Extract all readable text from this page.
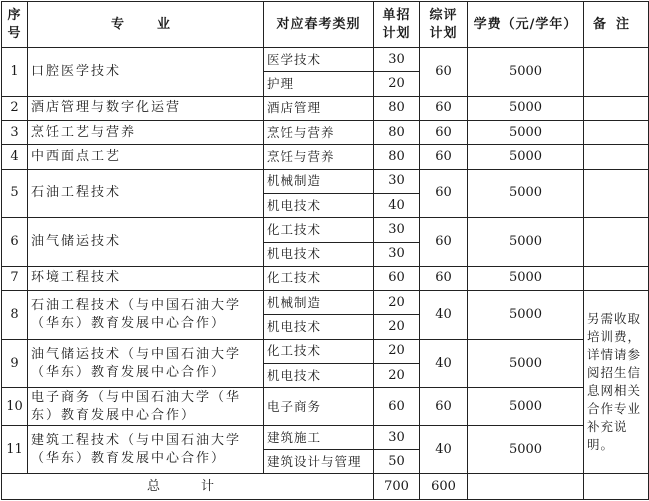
序号	专　业	对应春考类别	单招计划	综评计划	学费（元/学年）	备注
1	口腔医学技术	医学技术	30	60	5000	
		护理	20			
2	酒店管理与数字化运营	酒店管理	80	60	5000	
3	烹饪工艺与营养	烹饪与营养	80	60	5000	
4	中西面点工艺	烹饪与营养	80	60	5000	
5	石油工程技术	机械制造	30	60	5000	
		机电技术	40			
6	油气储运技术	化工技术	30	60	5000	
		机电技术	30			
7	环境工程技术	化工技术	60	60	5000	
8	石油工程技术（与中国石油大学（华东）教育发展中心合作）	机械制造	20	40	5000	另需收取培训费，详情请参阅招生信息网相关合作专业补充说明。
		机电技术	20			
9	油气储运技术（与中国石油大学（华东）教育发展中心合作）	化工技术	20	40	5000	
		机电技术	20			
10	电子商务（与中国石油大学（华东）教育发展中心合作）	电子商务	60	60	5000	
11	建筑工程技术（与中国石油大学（华东）教育发展中心合作）	建筑施工	30	40	5000	
		建筑设计与管理	50			
总　计			700	600		
